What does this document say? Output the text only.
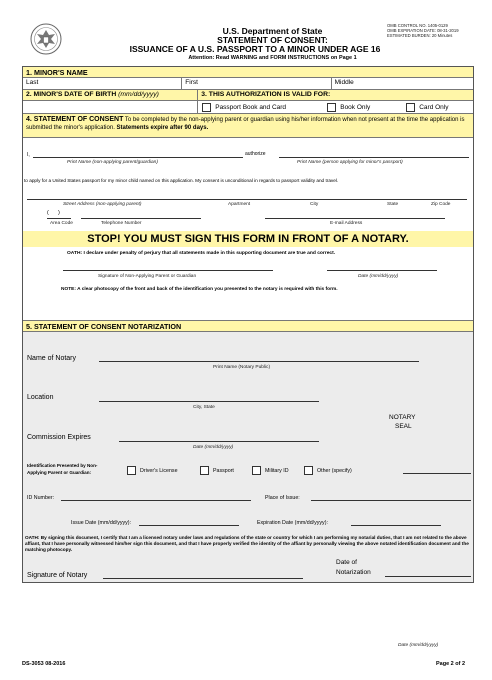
U.S. Department of State
STATEMENT OF CONSENT:
ISSUANCE OF A U.S. PASSPORT TO A MINOR UNDER AGE 16
Attention: Read WARNING and FORM INSTRUCTIONS on Page 1
OMB CONTROL NO. 1405-0129
OMB EXPIRATION DATE: 08-31-2019
ESTIMATED BURDEN: 20 Minutes
1. MINOR'S NAME
Last	First	Middle
2. MINOR'S DATE OF BIRTH (mm/dd/yyyy)	3. THIS AUTHORIZATION IS VALID FOR:
Passport Book and Card	Book Only	Card Only
4. STATEMENT OF CONSENT To be completed by the non-applying parent or guardian using his/her information when not present at the time the application is submitted the minor's application. Statements expire after 90 days.
I,	authorize
Print Name (non-applying parent/guardian)	Print Name (person applying for minor's passport)
to apply for a United States passport for my minor child named on this application. My consent is unconditional in regards to passport validity and travel.
Street Address (non-applying parent)	Apartment	City	State	Zip Code
(      )
Area Code	Telephone Number	E-mail Address
STOP! YOU MUST SIGN THIS FORM IN FRONT OF A NOTARY.
OATH: I declare under penalty of perjury that all statements made in this supporting document are true and correct.
Signature of Non-Applying Parent or Guardian	Date (mm/dd/yyyy)
NOTE: A clear photocopy of the front and back of the identification you presented to the notary is required with this form.
5. STATEMENT OF CONSENT NOTARIZATION
Name of Notary
Print Name (Notary Public)
Location
City, State
NOTARY
SEAL
Commission Expires
Date (mm/dd/yyyy)
Identification Presented by Non-Applying Parent or Guardian:	Driver's License	Passport	Military ID	Other (specify)
ID Number:	Place of Issue:
Issue Date (mm/dd/yyyy):	Expiration Date (mm/dd/yyyy):
OATH: By signing this document, I certify that I am a licensed notary under laws and regulations of the state or country for which I am performing my notarial duties, that I am not related to the above affiant, that I have personally witnessed him/her sign this document, and that I have properly verified the identity of the affiant by personally viewing the above notated identification document and the matching photocopy.
Signature of Notary
Date of
Notarization
Date (mm/dd/yyyy)
DS-3053 08-2016	Page 2 of 2
